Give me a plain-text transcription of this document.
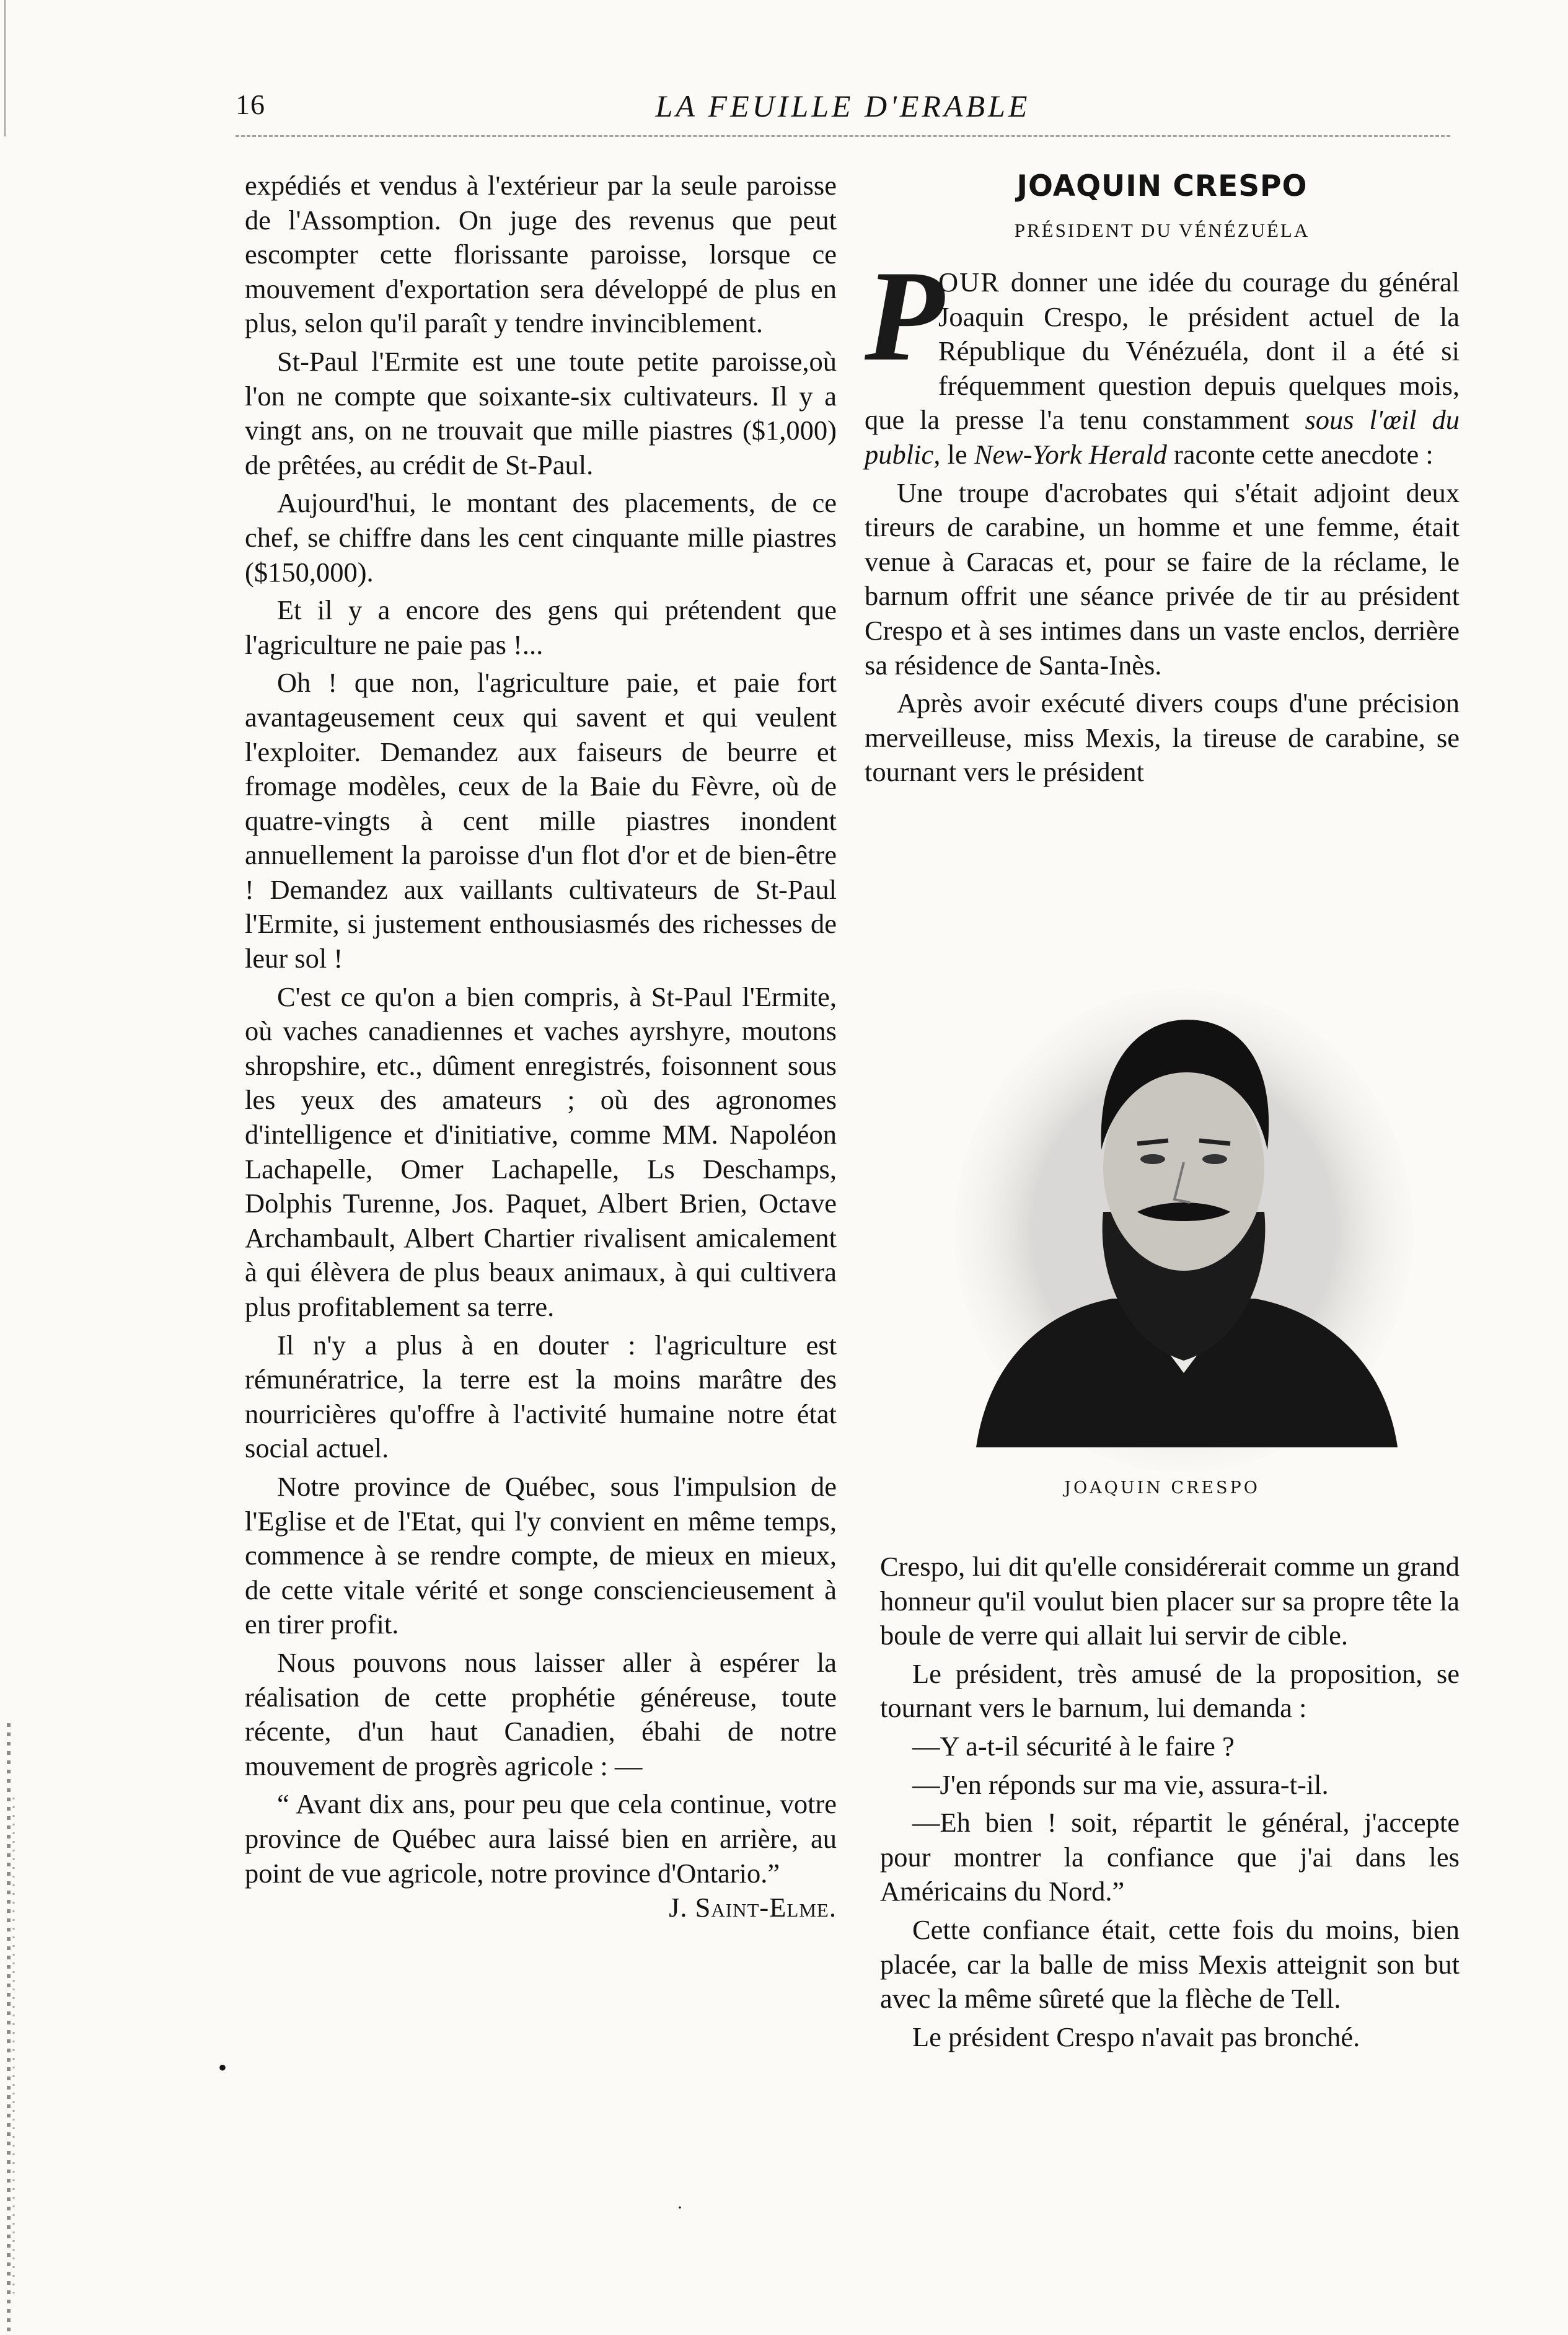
16	LA FEUILLE D'ERABLE

expédiés et vendus à l'extérieur par la seule paroisse de l'Assomption. On juge des revenus que peut escompter cette florissante paroisse, lorsque ce mouvement d'exportation sera développé de plus en plus, selon qu'il paraît y tendre invinciblement.

St-Paul l'Ermite est une toute petite paroisse,où l'on ne compte que soixante-six cultivateurs. Il y a vingt ans, on ne trouvait que mille piastres ($1,000) de prêtées, au crédit de St-Paul.

Aujourd'hui, le montant des placements, de ce chef, se chiffre dans les cent cinquante mille piastres ($150,000).

Et il y a encore des gens qui prétendent que l'agriculture ne paie pas !...

Oh ! que non, l'agriculture paie, et paie fort avantageusement ceux qui savent et qui veulent l'exploiter. Demandez aux faiseurs de beurre et fromage modèles, ceux de la Baie du Fèvre, où de quatre-vingts à cent mille piastres inondent annuellement la paroisse d'un flot d'or et de bien-être ! Demandez aux vaillants cultivateurs de St-Paul l'Ermite, si justement enthousiasmés des richesses de leur sol !

C'est ce qu'on a bien compris, à St-Paul l'Ermite, où vaches canadiennes et vaches ayrshyre, moutons shropshire, etc., dûment enregistrés, foisonnent sous les yeux des amateurs ; où des agronomes d'intelligence et d'initiative, comme MM. Napoléon Lachapelle, Omer Lachapelle, Ls Deschamps, Dolphis Turenne, Jos. Paquet, Albert Brien, Octave Archambault, Albert Chartier rivalisent amicalement à qui élèvera de plus beaux animaux, à qui cultivera plus profitablement sa terre.

Il n'y a plus à en douter : l'agriculture est rémunératrice, la terre est la moins marâtre des nourricières qu'offre à l'activité humaine notre état social actuel.

Notre province de Québec, sous l'impulsion de l'Eglise et de l'Etat, qui l'y convient en même temps, commence à se rendre compte, de mieux en mieux, de cette vitale vérité et songe consciencieusement à en tirer profit.

Nous pouvons nous laisser aller à espérer la réalisation de cette prophétie généreuse, toute récente, d'un haut Canadien, ébahi de notre mouvement de progrès agricole : —

“ Avant dix ans, pour peu que cela continue, votre province de Québec aura laissé bien en arrière, au point de vue agricole, notre province d'Ontario.”
J. Saint-Elme.

•
JOAQUIN CRESPO
PRÉSIDENT DU VÉNÉZUÉLA

P
OUR donner une idée du courage du général Joaquin Crespo, le président actuel de la République du Vénézuéla, dont il a été si fréquemment question depuis quelques mois, que la presse l'a tenu constamment sous l'œil du public, le New-York Herald raconte cette anecdote :

Une troupe d'acrobates qui s'était adjoint deux tireurs de carabine, un homme et une femme, était venue à Caracas et, pour se faire de la réclame, le barnum offrit une séance privée de tir au président Crespo et à ses intimes dans un vaste enclos, derrière sa résidence de Santa-Inès.

Après avoir exécuté divers coups d'une précision merveilleuse, miss Mexis, la tireuse de carabine, se tournant vers le président

JOAQUIN CRESPO

Crespo, lui dit qu'elle considérerait comme un grand honneur qu'il voulut bien placer sur sa propre tête la boule de verre qui allait lui servir de cible.

Le président, très amusé de la proposition, se tournant vers le barnum, lui demanda :

—Y a-t-il sécurité à le faire ?

—J'en réponds sur ma vie, assura-t-il.

—Eh bien ! soit, répartit le général, j'accepte pour montrer la confiance que j'ai dans les Américains du Nord.”

Cette confiance était, cette fois du moins, bien placée, car la balle de miss Mexis atteignit son but avec la même sûreté que la flèche de Tell.

Le président Crespo n'avait pas bronché.

·
